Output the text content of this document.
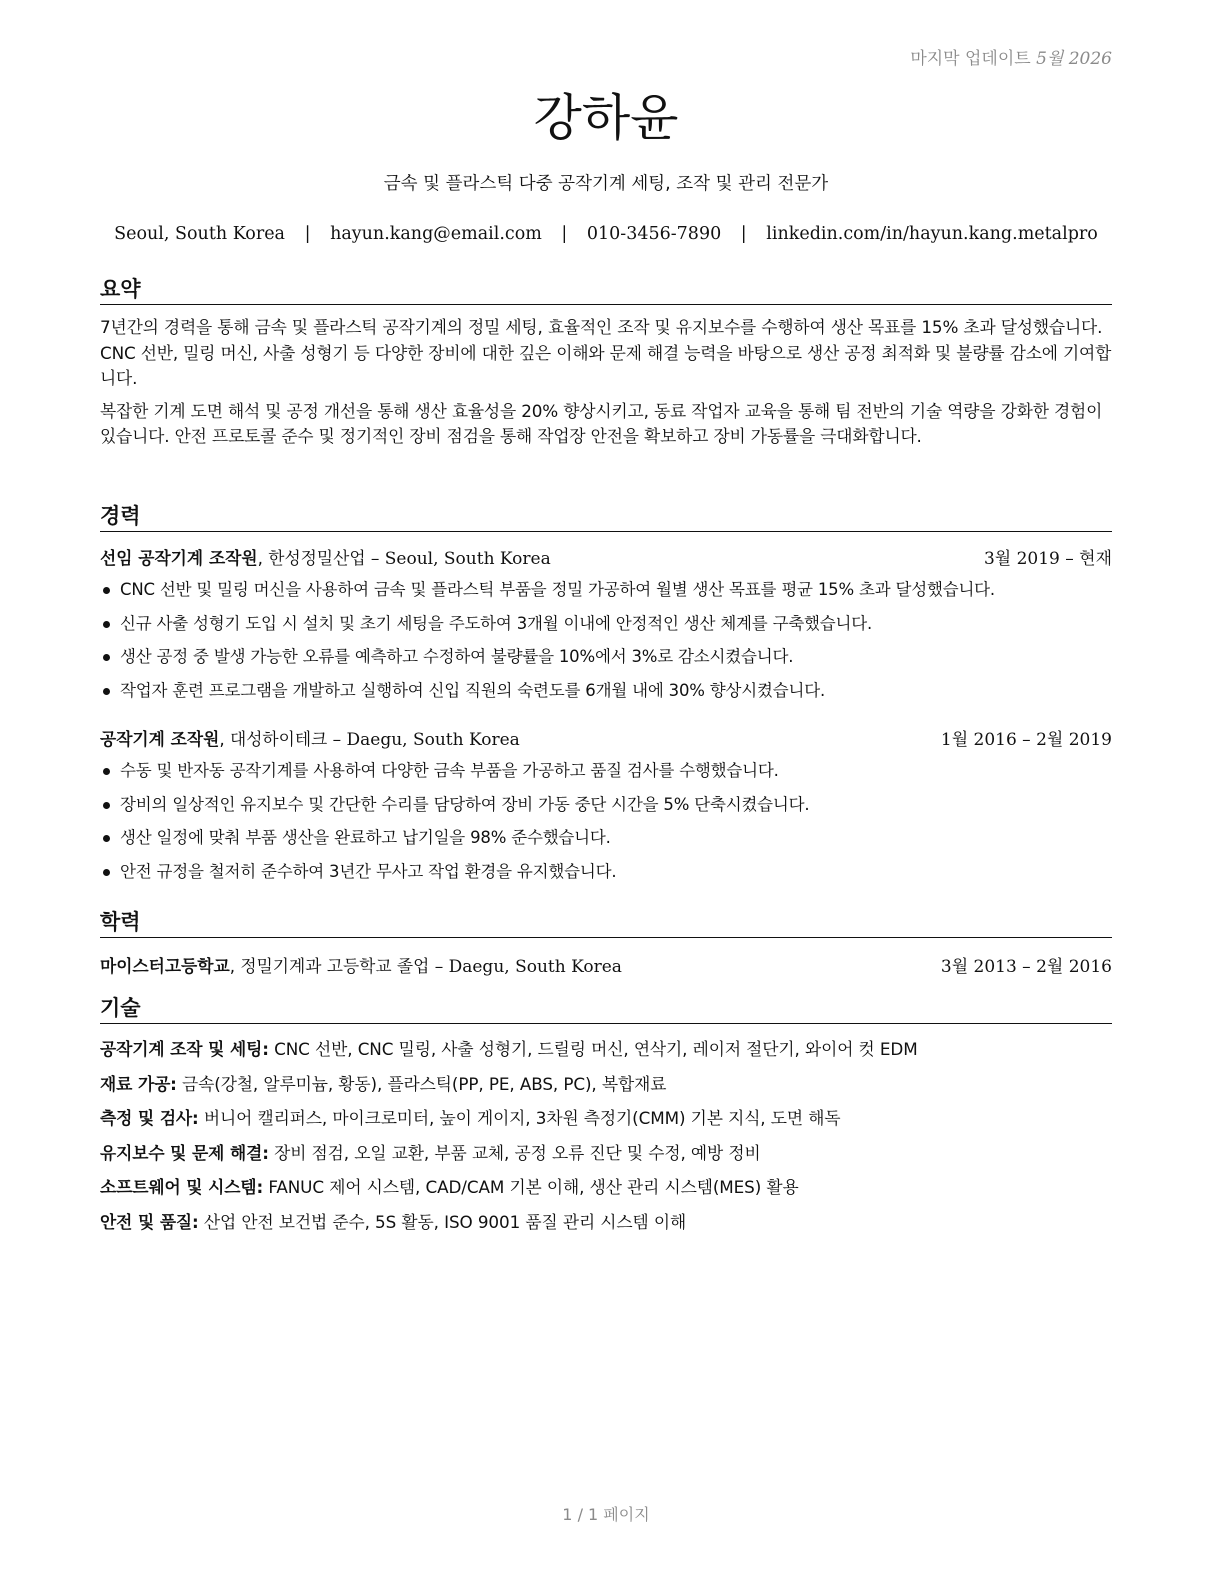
마지막 업데이트 5월 2026
강하윤
금속 및 플라스틱 다중 공작기계 세팅, 조작 및 관리 전문가
Seoul, South Korea | hayun.kang@email.com | 010-3456-7890 | linkedin.com/in/hayun.kang.metalpro
요약

7년간의 경력을 통해 금속 및 플라스틱 공작기계의 정밀 세팅, 효율적인 조작 및 유지보수를 수행하여 생산 목표를 15% 초과 달성했습니다. CNC 선반, 밀링 머신, 사출 성형기 등 다양한 장비에 대한 깊은 이해와 문제 해결 능력을 바탕으로 생산 공정 최적화 및 불량률 감소에 기여합니다.

복잡한 기계 도면 해석 및 공정 개선을 통해 생산 효율성을 20% 향상시키고, 동료 작업자 교육을 통해 팀 전반의 기술 역량을 강화한 경험이 있습니다. 안전 프로토콜 준수 및 정기적인 장비 점검을 통해 작업장 안전을 확보하고 장비 가동률을 극대화합니다.

경력
선임 공작기계 조작원, 한성정밀산업 – Seoul, South Korea	3월 2019 – 현재
CNC 선반 및 밀링 머신을 사용하여 금속 및 플라스틱 부품을 정밀 가공하여 월별 생산 목표를 평균 15% 초과 달성했습니다.
신규 사출 성형기 도입 시 설치 및 초기 세팅을 주도하여 3개월 이내에 안정적인 생산 체계를 구축했습니다.
생산 공정 중 발생 가능한 오류를 예측하고 수정하여 불량률을 10%에서 3%로 감소시켰습니다.
작업자 훈련 프로그램을 개발하고 실행하여 신입 직원의 숙련도를 6개월 내에 30% 향상시켰습니다.
공작기계 조작원, 대성하이테크 – Daegu, South Korea	1월 2016 – 2월 2019
수동 및 반자동 공작기계를 사용하여 다양한 금속 부품을 가공하고 품질 검사를 수행했습니다.
장비의 일상적인 유지보수 및 간단한 수리를 담당하여 장비 가동 중단 시간을 5% 단축시켰습니다.
생산 일정에 맞춰 부품 생산을 완료하고 납기일을 98% 준수했습니다.
안전 규정을 철저히 준수하여 3년간 무사고 작업 환경을 유지했습니다.
학력
마이스터고등학교, 정밀기계과 고등학교 졸업 – Daegu, South Korea	3월 2013 – 2월 2016
기술
공작기계 조작 및 세팅: CNC 선반, CNC 밀링, 사출 성형기, 드릴링 머신, 연삭기, 레이저 절단기, 와이어 컷 EDM
재료 가공: 금속(강철, 알루미늄, 황동), 플라스틱(PP, PE, ABS, PC), 복합재료
측정 및 검사: 버니어 캘리퍼스, 마이크로미터, 높이 게이지, 3차원 측정기(CMM) 기본 지식, 도면 해독
유지보수 및 문제 해결: 장비 점검, 오일 교환, 부품 교체, 공정 오류 진단 및 수정, 예방 정비
소프트웨어 및 시스템: FANUC 제어 시스템, CAD/CAM 기본 이해, 생산 관리 시스템(MES) 활용
안전 및 품질: 산업 안전 보건법 준수, 5S 활동, ISO 9001 품질 관리 시스템 이해
1 / 1 페이지
